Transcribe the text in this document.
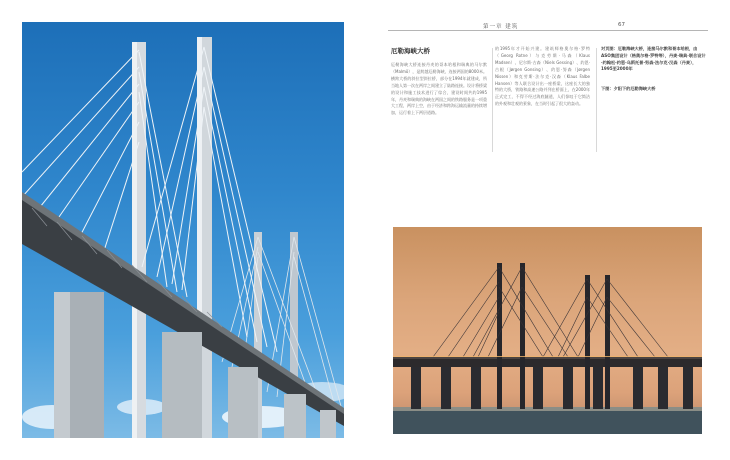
第一章 建筑	67
厄勒海峡大桥
厄勒海峡大桥连接丹麦的哥本哈根和瑞典的马尔默（Malmö），是跨越厄勒海峡、连接两国的8000米。横跨大桥的斜拉型斜拉桥，部分在1994年就建成，所当地人第一次在两岸之间建立了陆路连接。设计将桥梁的设计和施工技术进行了综合，建设时间共约1995年，丹麦和瑞典的海峡在两国之间的铁路服务是一项重大工程，两岸上空，由于经济和跨海运输流量的持续增加，运行着上下两层道路。
的1995年才开始兴建。建筑师格奥尔格·罗特（Georg Rotne）与克劳斯·马森（Klaus Madsen）、尼尔斯·古森（Niels Gessing）、约恩·古根（Jørgen Gonsing）、约恩·努森（Jørgen Nissen）和克劳斯·法尔克·汉森（Klaus Falbe Hansen）等人联合设计出一座桥梁，这座长大的独特的大桥，铁路和高速公路并列在桥面上，在2000年正式完工，不得不经过海底隧道，人们惊叹于它简洁的外观和壮观的景象，在当时引起了很大的轰动。
对页图：厄勒海峡大桥，连接马尔默和哥本哈根，由ASO集团设计（格奥尔格·罗特等），丹麦·瑞典·联合设计·约翰松·约恩·乌斯托普·努森·法尔克·汉森（丹麦），1995至2000年
下图：夕阳下的厄勒海峡大桥
